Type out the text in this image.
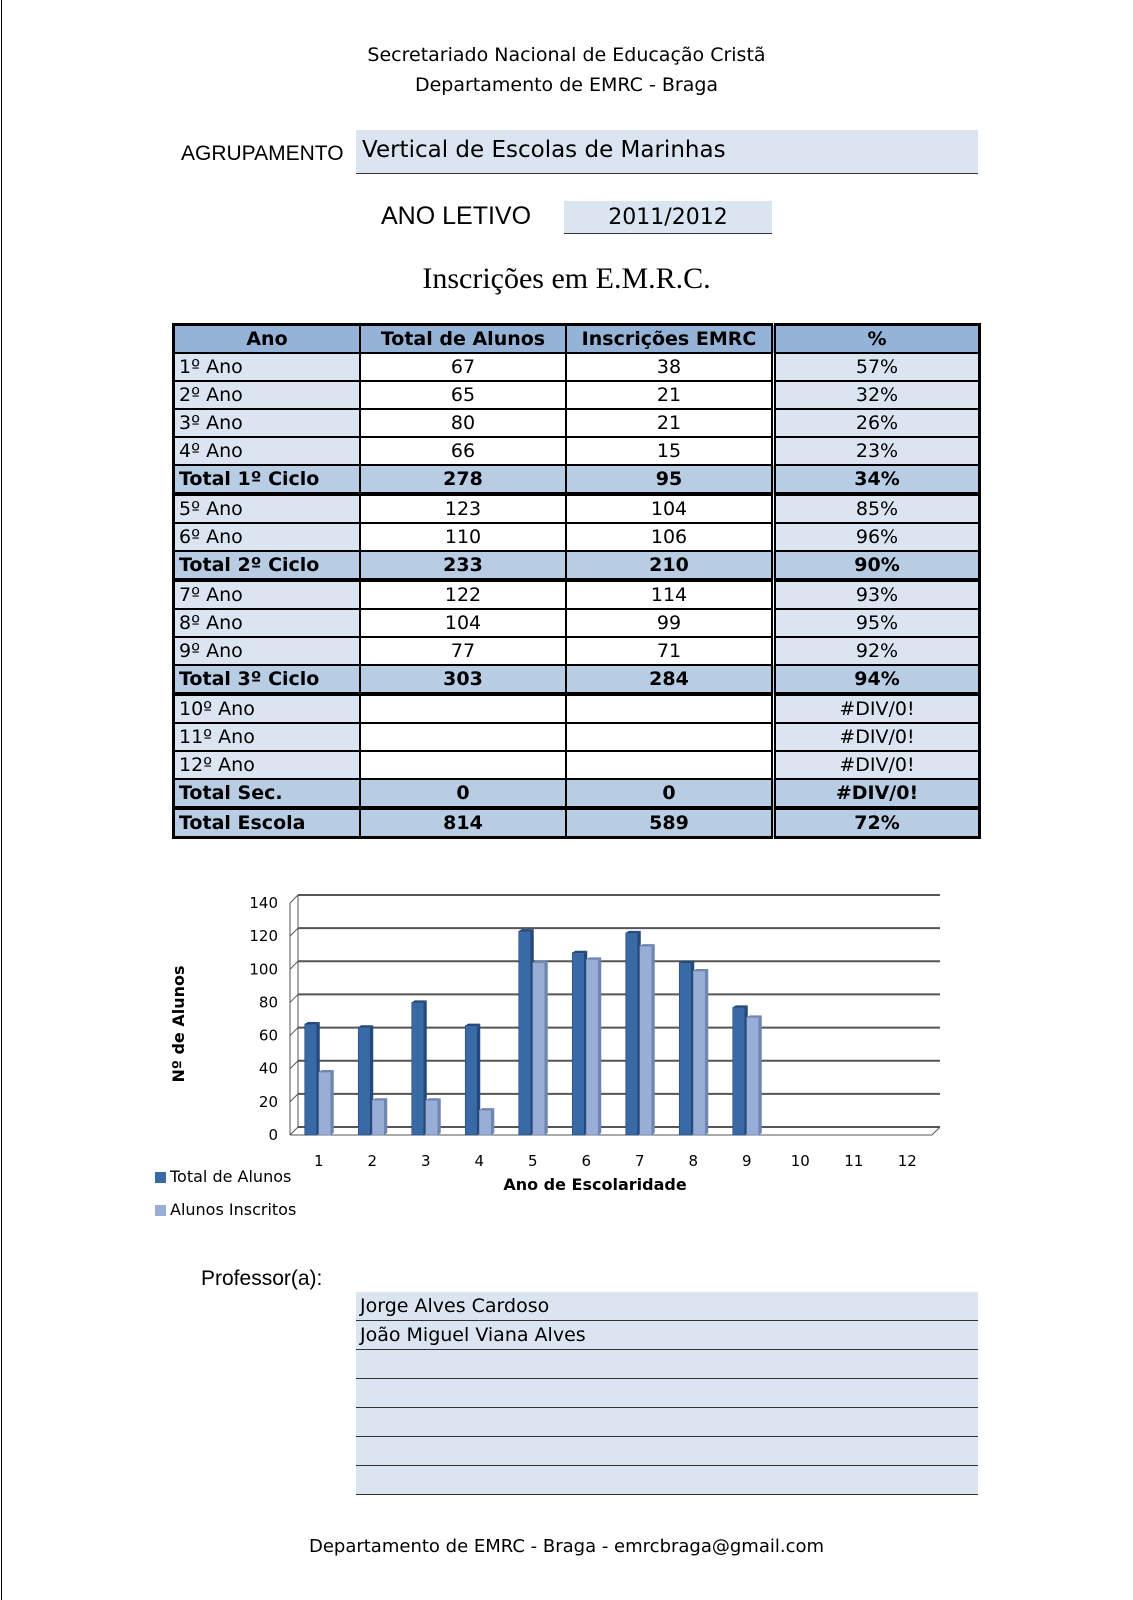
Secretariado Nacional de Educação Cristã
Departamento de EMRC - Braga
AGRUPAMENTO Vertical de Escolas de Marinhas
ANO LETIVO	2011/2012
Inscrições em E.M.R.C.
Ano	Total de Alunos	Inscrições EMRC	%
1º Ano	67	38	57%
2º Ano	65	21	32%
3º Ano	80	21	26%
4º Ano	66	15	23%
Total 1º Ciclo	278	95	34%
5º Ano	123	104	85%
6º Ano	110	106	96%
Total 2º Ciclo	233	210	90%
7º Ano	122	114	93%
8º Ano	104	99	95%
9º Ano	77	71	92%
Total 3º Ciclo	303	284	94%
10º Ano			#DIV/0!
11º Ano			#DIV/0!
12º Ano			#DIV/0!
Total Sec.	0	0	#DIV/0!
Total Escola	814	589	72%
0
20
40
60
80
100
120
140
1	2	3	4	5	6	7	8	9	10 11 12
Ano de Escolaridade
Nº de Alunos
Total de Alunos
Alunos Inscritos
Professor(a):
Jorge Alves Cardoso
João Miguel Viana Alves
Departamento de EMRC - Braga - emrcbraga@gmail.com
